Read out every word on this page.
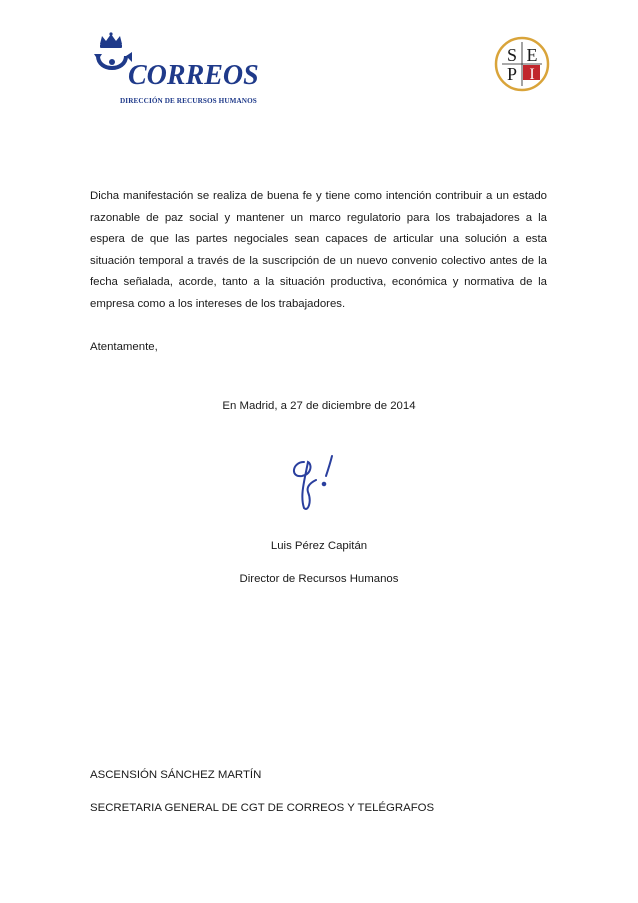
CORREOS
DIRECCIÓN DE RECURSOS HUMANOS
S E
P I

Dicha manifestación se realiza de buena fe y tiene como intención contribuir a un estado razonable de paz social y mantener un marco regulatorio para los trabajadores a la espera de que las partes negociales sean capaces de articular una solución a esta situación temporal a través de la suscripción de un nuevo convenio colectivo antes de la fecha señalada, acorde, tanto a la situación productiva, económica y normativa de la empresa como a los intereses de los trabajadores.

Atentamente,
En Madrid, a 27 de diciembre de 2014
Luis Pérez Capitán
Director de Recursos Humanos
ASCENSIÓN SÁNCHEZ MARTÍN
SECRETARIA GENERAL DE CGT DE CORREOS Y TELÉGRAFOS
